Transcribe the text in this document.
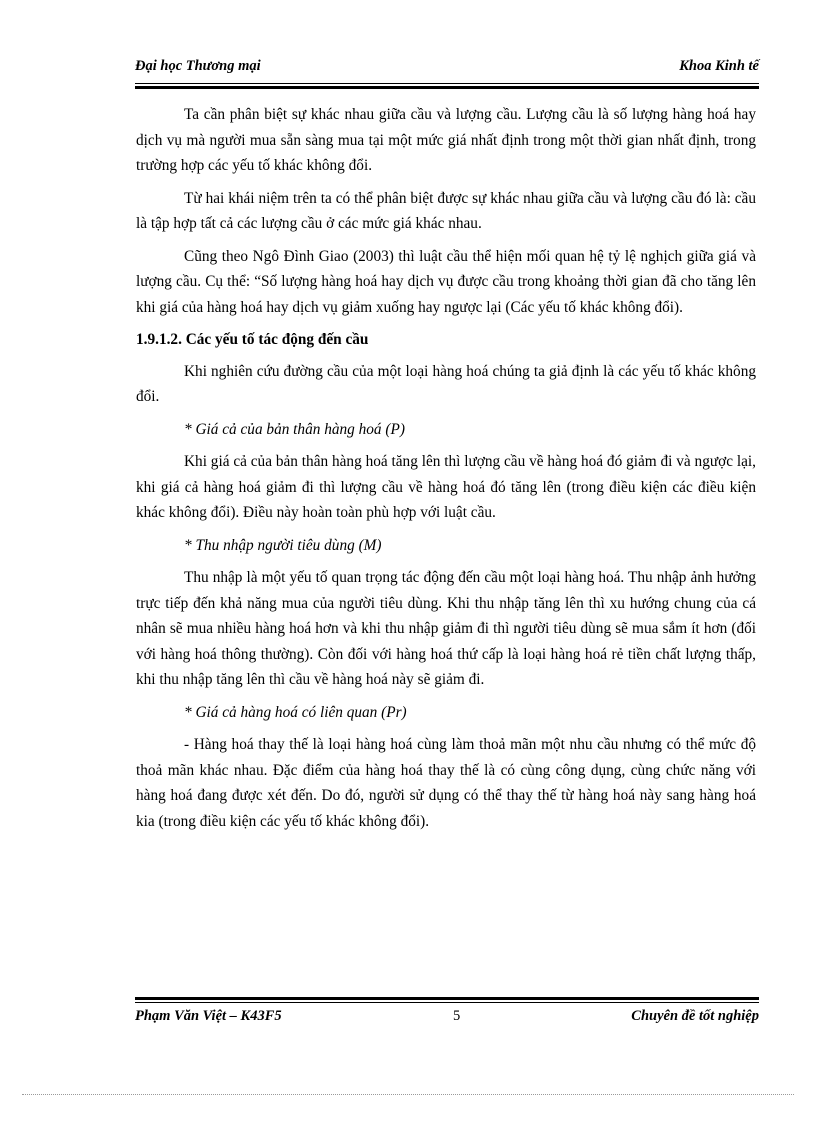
Đại học Thương mại	Khoa Kinh tế

Ta cần phân biệt sự khác nhau giữa cầu và lượng cầu. Lượng cầu là số lượng hàng hoá hay dịch vụ mà người mua sẵn sàng mua tại một mức giá nhất định trong một thời gian nhất định, trong trường hợp các yếu tố khác không đổi.

Từ hai khái niệm trên ta có thể phân biệt được sự khác nhau giữa cầu và lượng cầu đó là: cầu là tập hợp tất cả các lượng cầu ở các mức giá khác nhau.

Cũng theo Ngô Đình Giao (2003) thì luật cầu thể hiện mối quan hệ tỷ lệ nghịch giữa giá và lượng cầu. Cụ thể: “Số lượng hàng hoá hay dịch vụ được cầu trong khoảng thời gian đã cho tăng lên khi giá của hàng hoá hay dịch vụ giảm xuống hay ngược lại (Các yếu tố khác không đổi).

1.9.1.2. Các yếu tố tác động đến cầu

Khi nghiên cứu đường cầu của một loại hàng hoá chúng ta giả định là các yếu tố khác không đổi.

* Giá cả của bản thân hàng hoá (P)

Khi giá cả của bản thân hàng hoá tăng lên thì lượng cầu về hàng hoá đó giảm đi và ngược lại, khi giá cả hàng hoá giảm đi thì lượng cầu về hàng hoá đó tăng lên (trong điều kiện các điều kiện khác không đổi). Điều này hoàn toàn phù hợp với luật cầu.

* Thu nhập người tiêu dùng (M)

Thu nhập là một yếu tố quan trọng tác động đến cầu một loại hàng hoá. Thu nhập ảnh hưởng trực tiếp đến khả năng mua của người tiêu dùng. Khi thu nhập tăng lên thì xu hướng chung của cá nhân sẽ mua nhiều hàng hoá hơn và khi thu nhập giảm đi thì người tiêu dùng sẽ mua sắm ít hơn (đối với hàng hoá thông thường). Còn đối với hàng hoá thứ cấp là loại hàng hoá rẻ tiền chất lượng thấp, khi thu nhập tăng lên thì cầu về hàng hoá này sẽ giảm đi.

* Giá cả hàng hoá có liên quan (Pr)

- Hàng hoá thay thế là loại hàng hoá cùng làm thoả mãn một nhu cầu nhưng có thể mức độ thoả mãn khác nhau. Đặc điểm của hàng hoá thay thế là có cùng công dụng, cùng chức năng với hàng hoá đang được xét đến. Do đó, người sử dụng có thể thay thế từ hàng hoá này sang hàng hoá kia (trong điều kiện các yếu tố khác không đổi).

Phạm Văn Việt – K43F5	5	Chuyên đề tốt nghiệp
